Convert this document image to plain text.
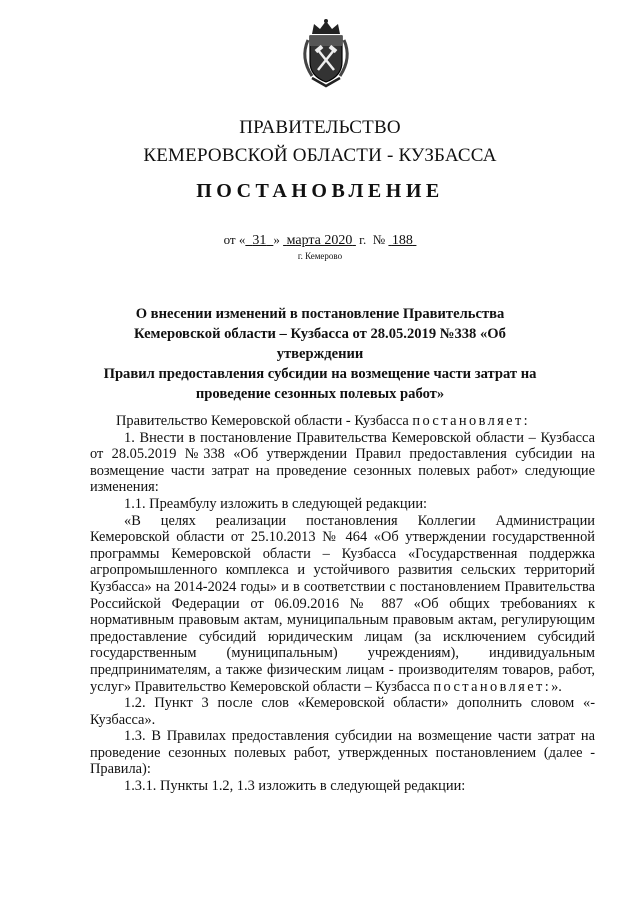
ПРАВИТЕЛЬСТВО
КЕМЕРОВСКОЙ ОБЛАСТИ - КУЗБАССА
ПОСТАНОВЛЕНИЕ
от « 31 » марта 2020 г. № 188
г. Кемерово
О внесении изменений в постановление Правительства
Кемеровской области – Кузбасса от 28.05.2019 №338 «Об утверждении
Правил предоставления субсидии на возмещение части затрат на
проведение сезонных полевых работ»

Правительство Кемеровской области - Кузбасса постановляет:

1. Внести в постановление Правительства Кемеровской области – Кузбасса от 28.05.2019 №338 «Об утверждении Правил предоставления субсидии на возмещение части затрат на проведение сезонных полевых работ» следующие изменения:

1.1. Преамбулу изложить в следующей редакции:

«В целях реализации постановления Коллегии Администрации Кемеровской области от 25.10.2013 № 464 «Об утверждении государственной программы Кемеровской области – Кузбасса «Государственная поддержка агропромышленного комплекса и устойчивого развития сельских территорий Кузбасса» на 2014-2024 годы» и в соответствии с постановлением Правительства Российской Федерации от 06.09.2016 № 887 «Об общих требованиях к нормативным правовым актам, муниципальным правовым актам, регулирующим предоставление субсидий юридическим лицам (за исключением субсидий государственным (муниципальным) учреждениям), индивидуальным предпринимателям, а также физическим лицам - производителям товаров, работ, услуг» Правительство Кемеровской области – Кузбасса постановляет:».

1.2. Пункт 3 после слов «Кемеровской области» дополнить словом «- Кузбасса».

1.3. В Правилах предоставления субсидии на возмещение части затрат на проведение сезонных полевых работ, утвержденных постановлением (далее - Правила):

1.3.1. Пункты 1.2, 1.3 изложить в следующей редакции:
